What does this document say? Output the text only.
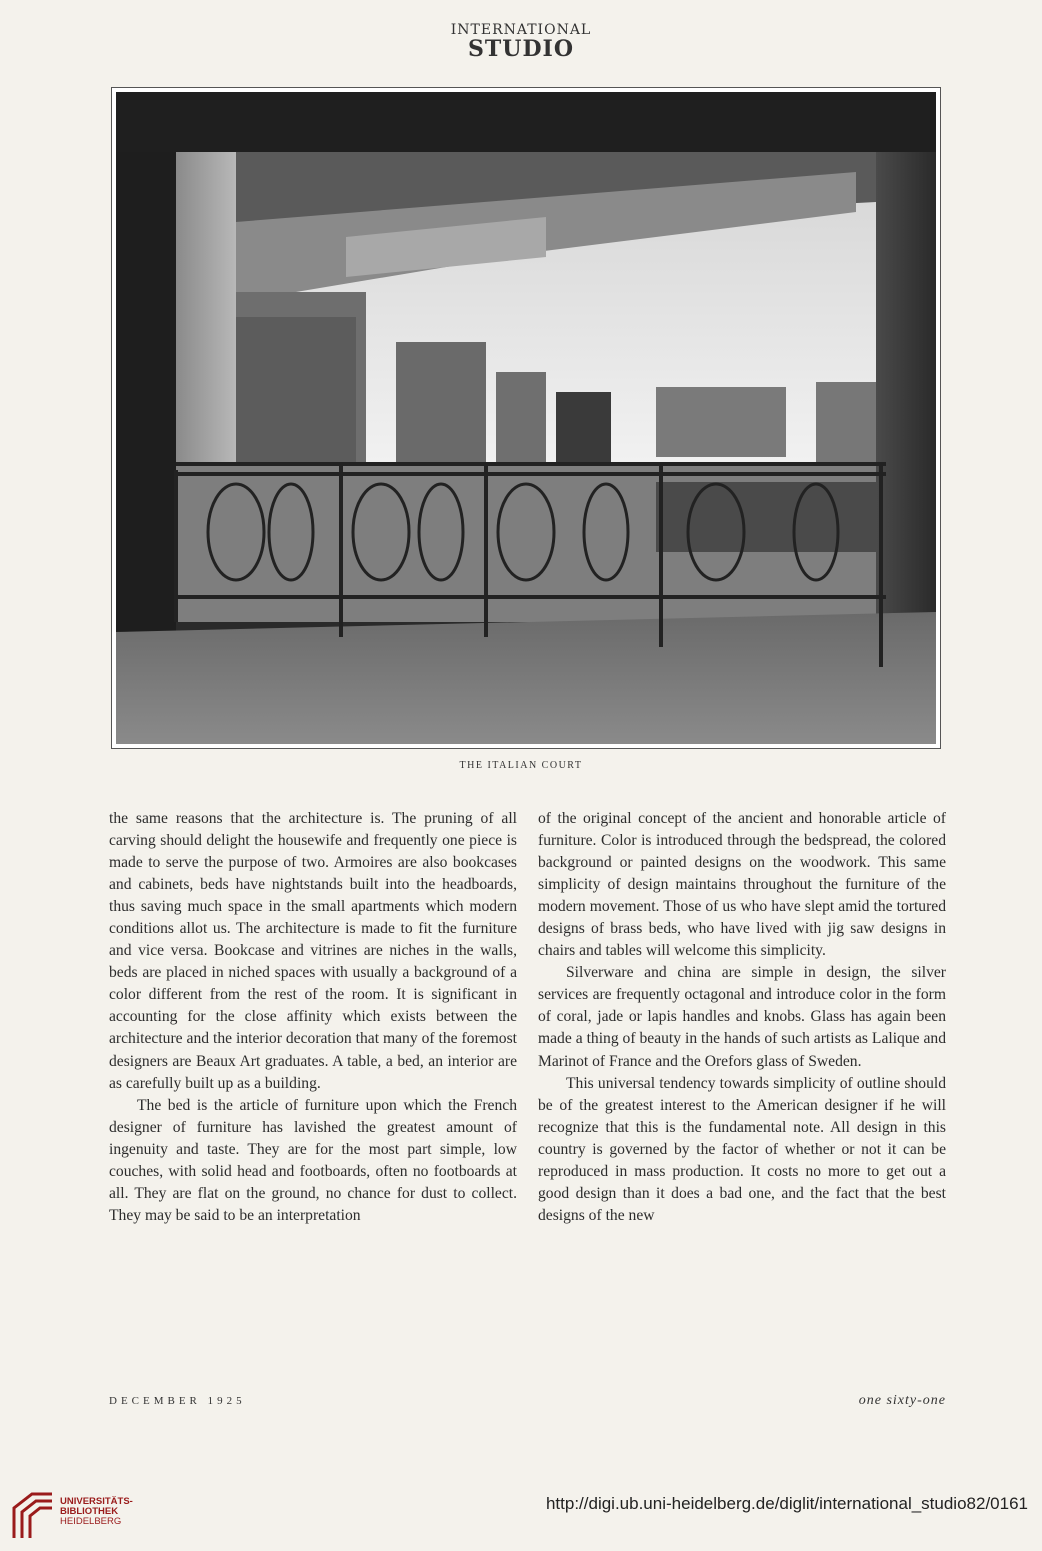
INTERNATIONAL
STUDIO
THE ITALIAN COURT

the same reasons that the architecture is. The pruning of all carving should delight the housewife and frequently one piece is made to serve the purpose of two. Armoires are also bookcases and cabinets, beds have nightstands built into the headboards, thus saving much space in the small apartments which modern conditions allot us. The architecture is made to fit the furniture and vice versa. Bookcase and vitrines are niches in the walls, beds are placed in niched spaces with usually a background of a color different from the rest of the room. It is significant in accounting for the close affinity which exists between the architecture and the interior decoration that many of the foremost designers are Beaux Art graduates. A table, a bed, an interior are as carefully built up as a building.

The bed is the article of furniture upon which the French designer of furniture has lavished the greatest amount of ingenuity and taste. They are for the most part simple, low couches, with solid head and footboards, often no footboards at all. They are flat on the ground, no chance for dust to collect. They may be said to be an interpretation

of the original concept of the ancient and honorable article of furniture. Color is introduced through the bedspread, the colored background or painted designs on the woodwork. This same simplicity of design maintains throughout the furniture of the modern movement. Those of us who have slept amid the tortured designs of brass beds, who have lived with jig saw designs in chairs and tables will welcome this simplicity.

Silverware and china are simple in design, the silver services are frequently octagonal and introduce color in the form of coral, jade or lapis handles and knobs. Glass has again been made a thing of beauty in the hands of such artists as Lalique and Marinot of France and the Orefors glass of Sweden.

This universal tendency towards simplicity of outline should be of the greatest interest to the American designer if he will recognize that this is the fundamental note. All design in this country is governed by the factor of whether or not it can be reproduced in mass production. It costs no more to get out a good design than it does a bad one, and the fact that the best designs of the new

DECEMBER 1925	one sixty-one
UNIVERSITÄTS-
BIBLIOTHEK
HEIDELBERG
http://digi.ub.uni-heidelberg.de/diglit/international_studio82/0161
